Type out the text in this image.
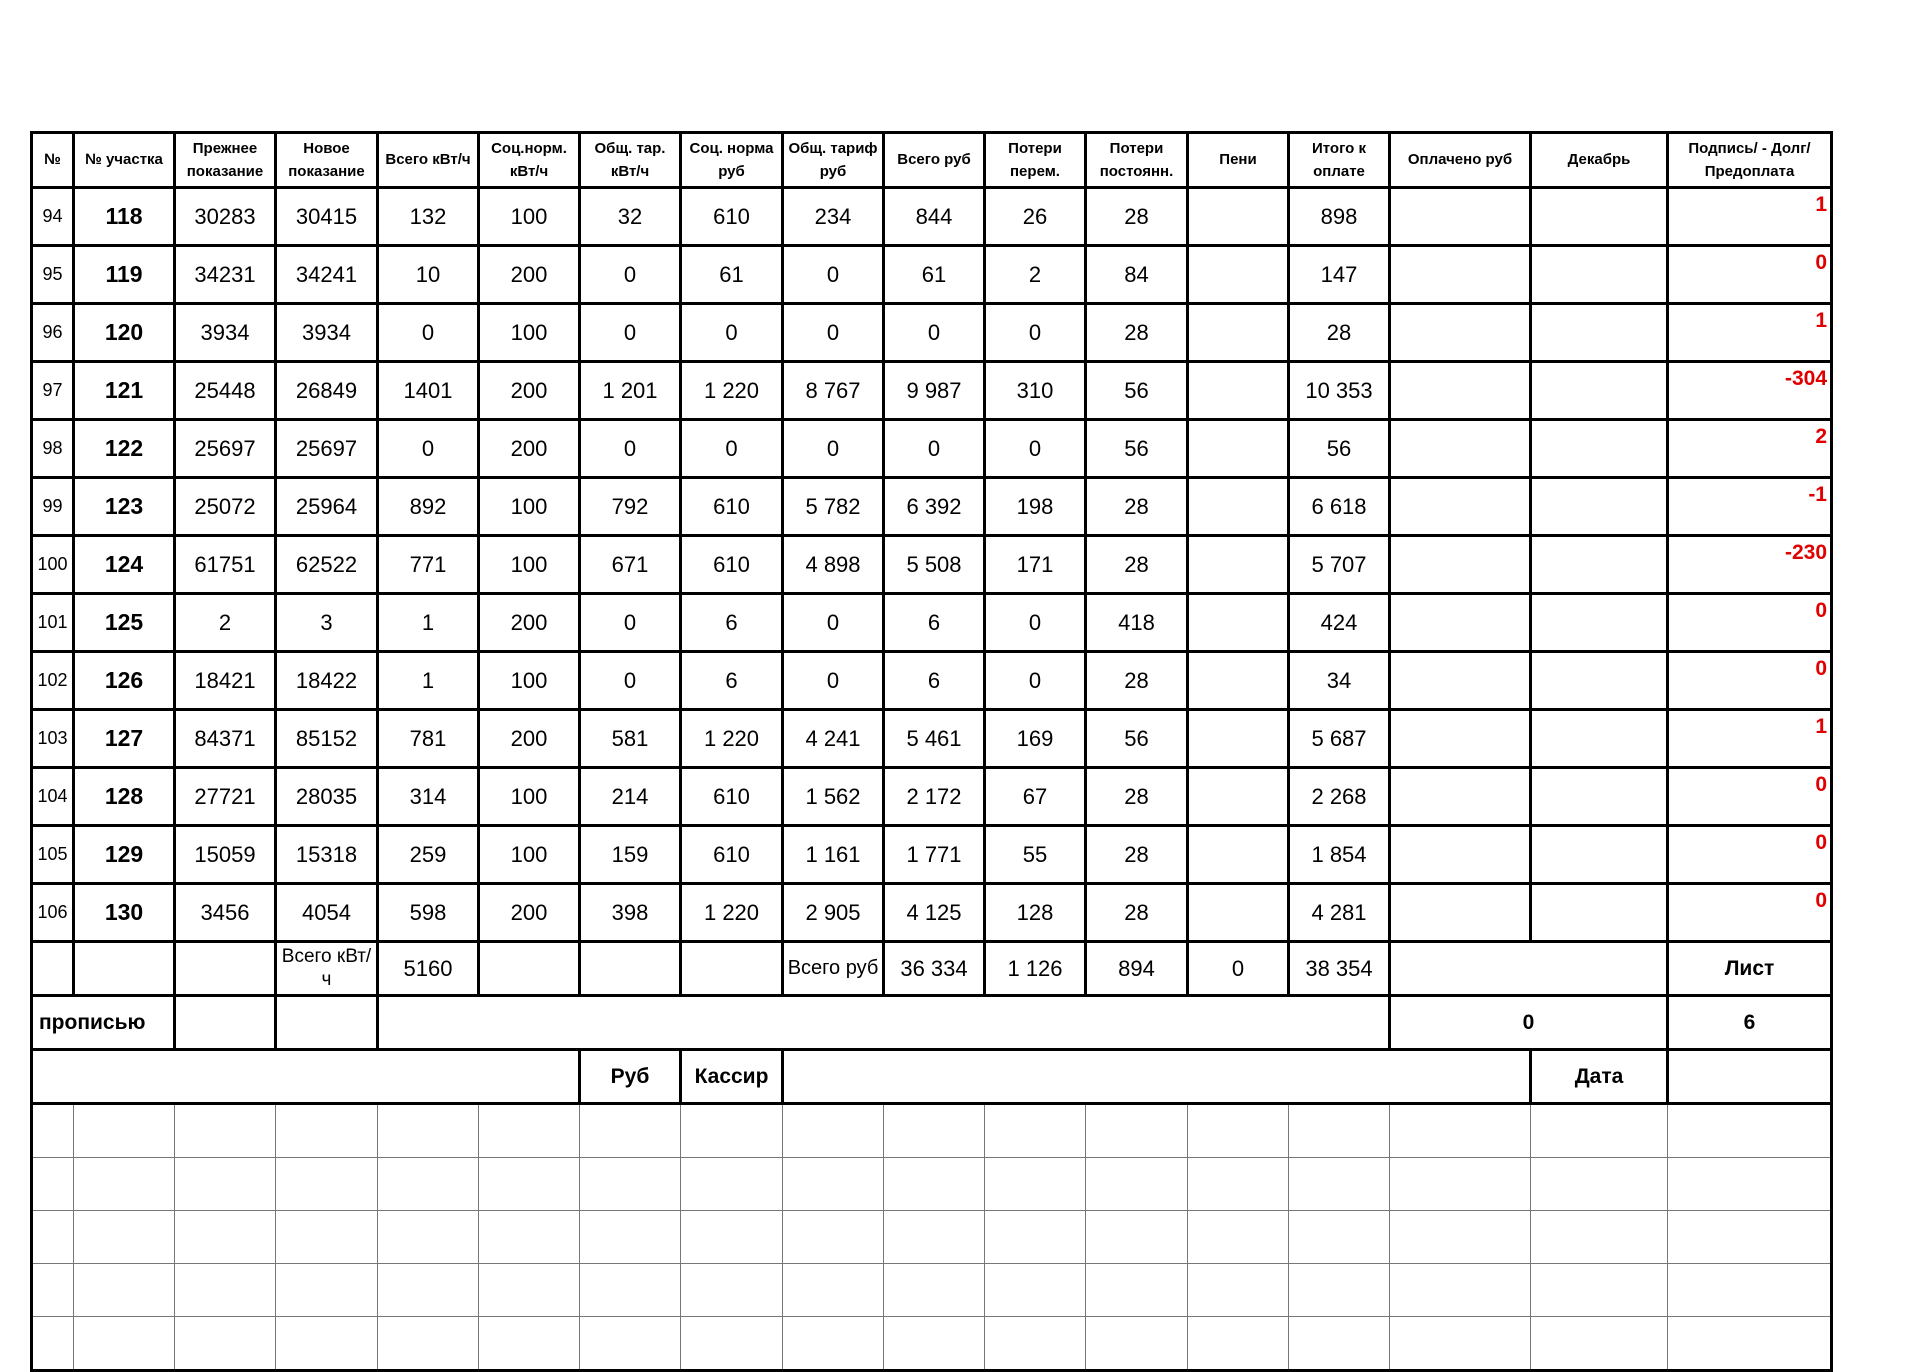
№	№ участка	Прежнее показание	Новое показание	Всего кВт/ч	Соц.норм. кВт/ч	Общ. тар. кВт/ч	Соц. норма руб	Общ. тариф руб	Всего руб	Потери перем.	Потери постоянн.	Пени	Итого к оплате	Оплачено руб	Декабрь	Подпись/ - Долг/Предоплата
94	118	30283	30415	132	100	32	610	234	844	26	28		898			1
95	119	34231	34241	10	200	0	61	0	61	2	84		147			0
96	120	3934	3934	0	100	0	0	0	0	0	28		28			1
97	121	25448	26849	1401	200	1 201	1 220	8 767	9 987	310	56		10 353			-304
98	122	25697	25697	0	200	0	0	0	0	0	56		56			2
99	123	25072	25964	892	100	792	610	5 782	6 392	198	28		6 618			-1
100	124	61751	62522	771	100	671	610	4 898	5 508	171	28		5 707			-230
101	125	2	3	1	200	0	6	0	6	0	418		424			0
102	126	18421	18422	1	100	0	6	0	6	0	28		34			0
103	127	84371	85152	781	200	581	1 220	4 241	5 461	169	56		5 687			1
104	128	27721	28035	314	100	214	610	1 562	2 172	67	28		2 268			0
105	129	15059	15318	259	100	159	610	1 161	1 771	55	28		1 854			0
106	130	3456	4054	598	200	398	1 220	2 905	4 125	128	28		4 281			0
			Всего кВт/ч	5160				Всего руб	36 334	1 126	894	0	38 354			Лист
прописью														0		6
						Руб	Кассир								Дата	
